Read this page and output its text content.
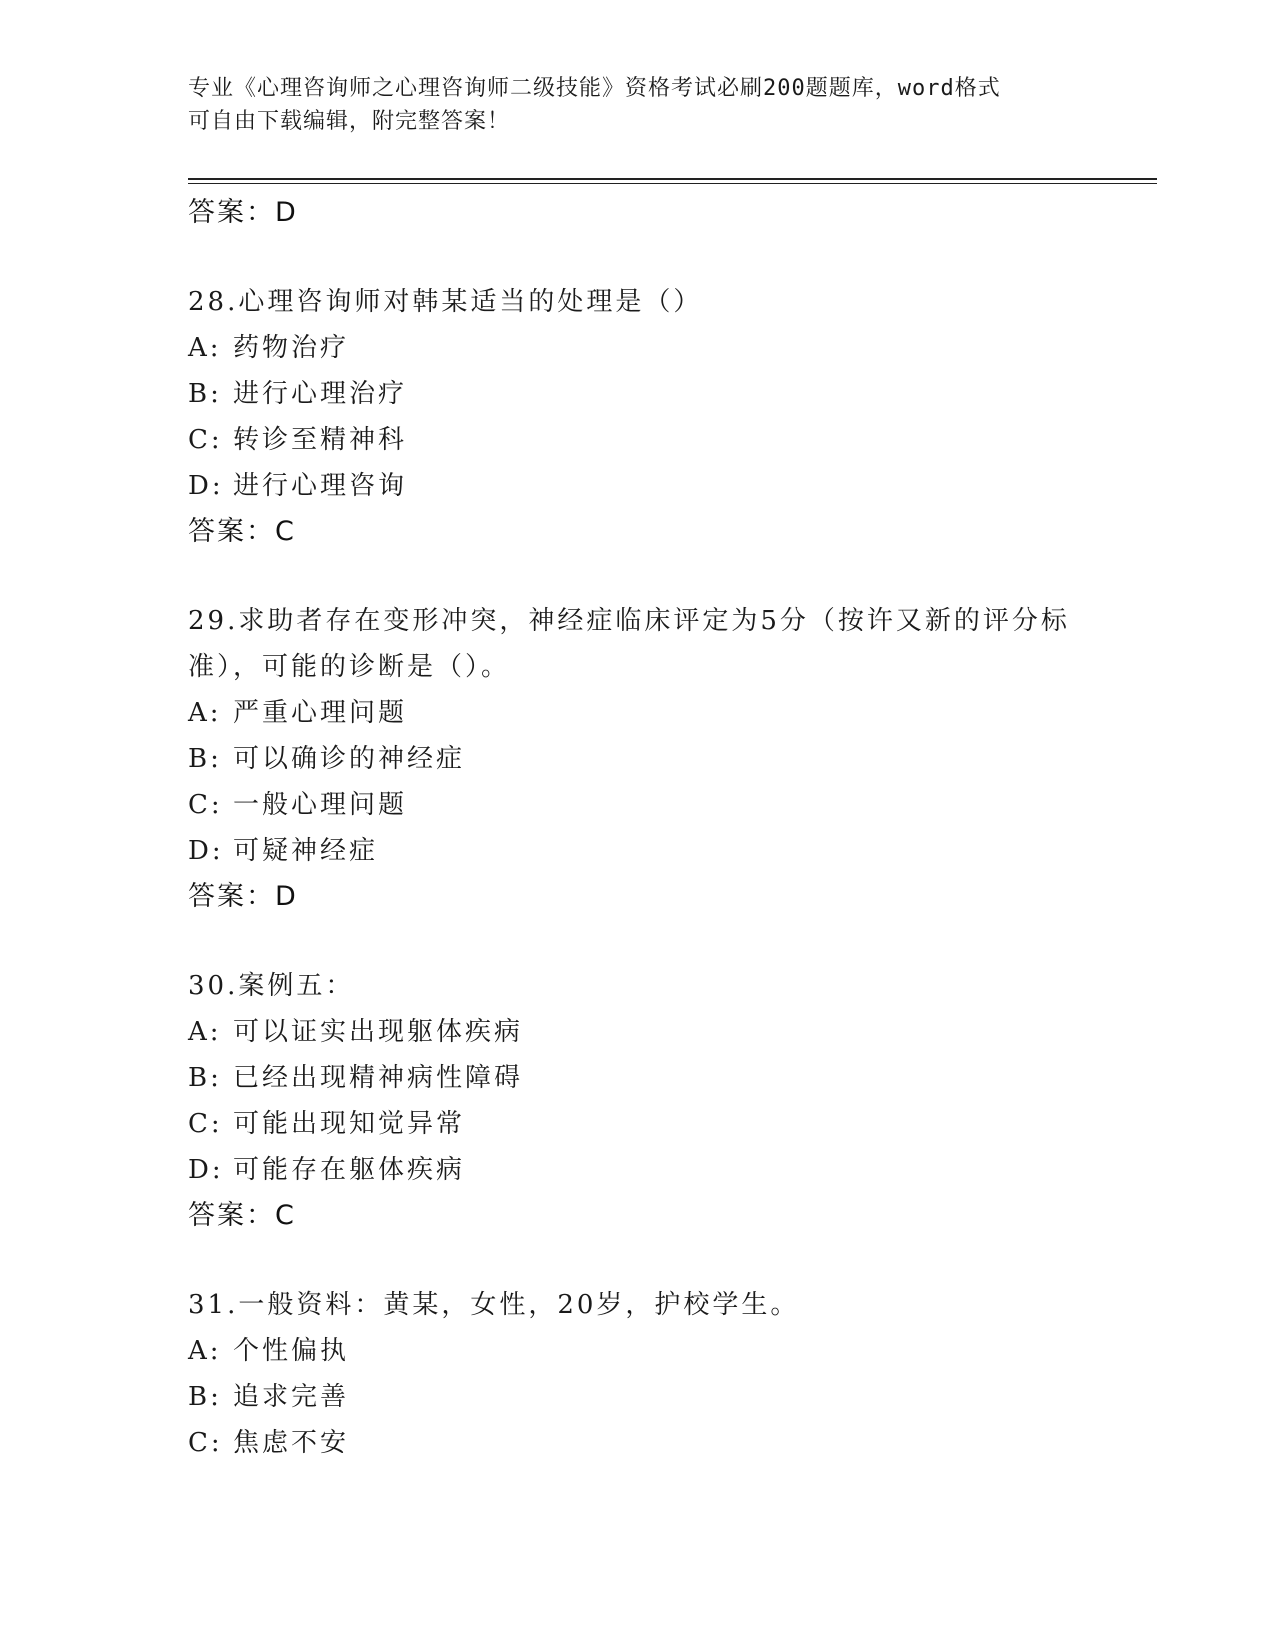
专业《心理咨询师之心理咨询师二级技能》资格考试必刷200题题库，word格式
可自由下载编辑，附完整答案！
答案：D
28.心理咨询师对韩某适当的处理是（）
A: 药物治疗
B: 进行心理治疗
C: 转诊至精神科
D: 进行心理咨询
答案：C
29.求助者存在变形冲突，神经症临床评定为5分（按许又新的评分标准），可能的诊断是（）。
A: 严重心理问题
B: 可以确诊的神经症
C: 一般心理问题
D: 可疑神经症
答案：D
30.案例五：
A: 可以证实出现躯体疾病
B: 已经出现精神病性障碍
C: 可能出现知觉异常
D: 可能存在躯体疾病
答案：C
31.一般资料：黄某，女性，20岁，护校学生。
A: 个性偏执
B: 追求完善
C: 焦虑不安
